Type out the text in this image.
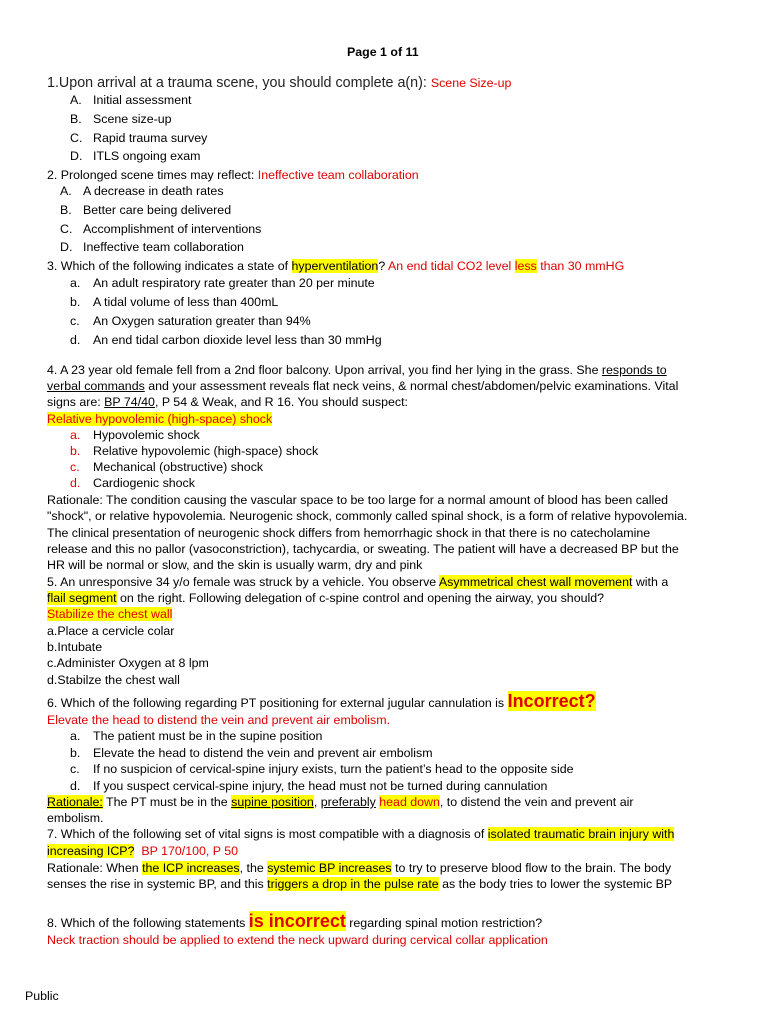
Page 1 of 11
1.Upon arrival at a trauma scene, you should complete a(n): Scene Size-up
A. Initial assessment
B. Scene size-up
C. Rapid trauma survey
D. ITLS ongoing exam
2. Prolonged scene times may reflect: Ineffective team collaboration
A. A decrease in death rates
B. Better care being delivered
C. Accomplishment of interventions
D. Ineffective team collaboration
3. Which of the following indicates a state of hyperventilation? An end tidal CO2 level less than 30 mmHG
a. An adult respiratory rate greater than 20 per minute
b. A tidal volume of less than 400mL
c. An Oxygen saturation greater than 94%
d. An end tidal carbon dioxide level less than 30 mmHg
4. A 23 year old female fell from a 2nd floor balcony. Upon arrival, you find her lying in the grass. She responds to
verbal commands and your assessment reveals flat neck veins, & normal chest/abdomen/pelvic examinations. Vital
signs are: BP 74/40, P 54 & Weak, and R 16. You should suspect:
Relative hypovolemic (high-space) shock
a. Hypovolemic shock
b. Relative hypovolemic (high-space) shock
c. Mechanical (obstructive) shock
d. Cardiogenic shock
Rationale: The condition causing the vascular space to be too large for a normal amount of blood has been called
"shock", or relative hypovolemia. Neurogenic shock, commonly called spinal shock, is a form of relative hypovolemia.
The clinical presentation of neurogenic shock differs from hemorrhagic shock in that there is no catecholamine
release and this no pallor (vasoconstriction), tachycardia, or sweating. The patient will have a decreased BP but the
HR will be normal or slow, and the skin is usually warm, dry and pink
5. An unresponsive 34 y/o female was struck by a vehicle. You observe Asymmetrical chest wall movement with a
flail segment on the right. Following delegation of c-spine control and opening the airway, you should?
Stabilize the chest wall
a.Place a cervicle colar
b.Intubate
c.Administer Oxygen at 8 lpm
d.Stabilze the chest wall
6. Which of the following regarding PT positioning for external jugular cannulation is Incorrect?
Elevate the head to distend the vein and prevent air embolism.
a. The patient must be in the supine position
b. Elevate the head to distend the vein and prevent air embolism
c. If no suspicion of cervical-spine injury exists, turn the patient’s head to the opposite side
d. If you suspect cervical-spine injury, the head must not be turned during cannulation
Rationale: The PT must be in the supine position, preferably head down, to distend the vein and prevent air
embolism.
7. Which of the following set of vital signs is most compatible with a diagnosis of isolated traumatic brain injury with
increasing ICP?  BP 170/100, P 50
Rationale: When the ICP increases, the systemic BP increases to try to preserve blood flow to the brain. The body
senses the rise in systemic BP, and this triggers a drop in the pulse rate as the body tries to lower the systemic BP
8. Which of the following statements is incorrect regarding spinal motion restriction?
Neck traction should be applied to extend the neck upward during cervical collar application
Public
